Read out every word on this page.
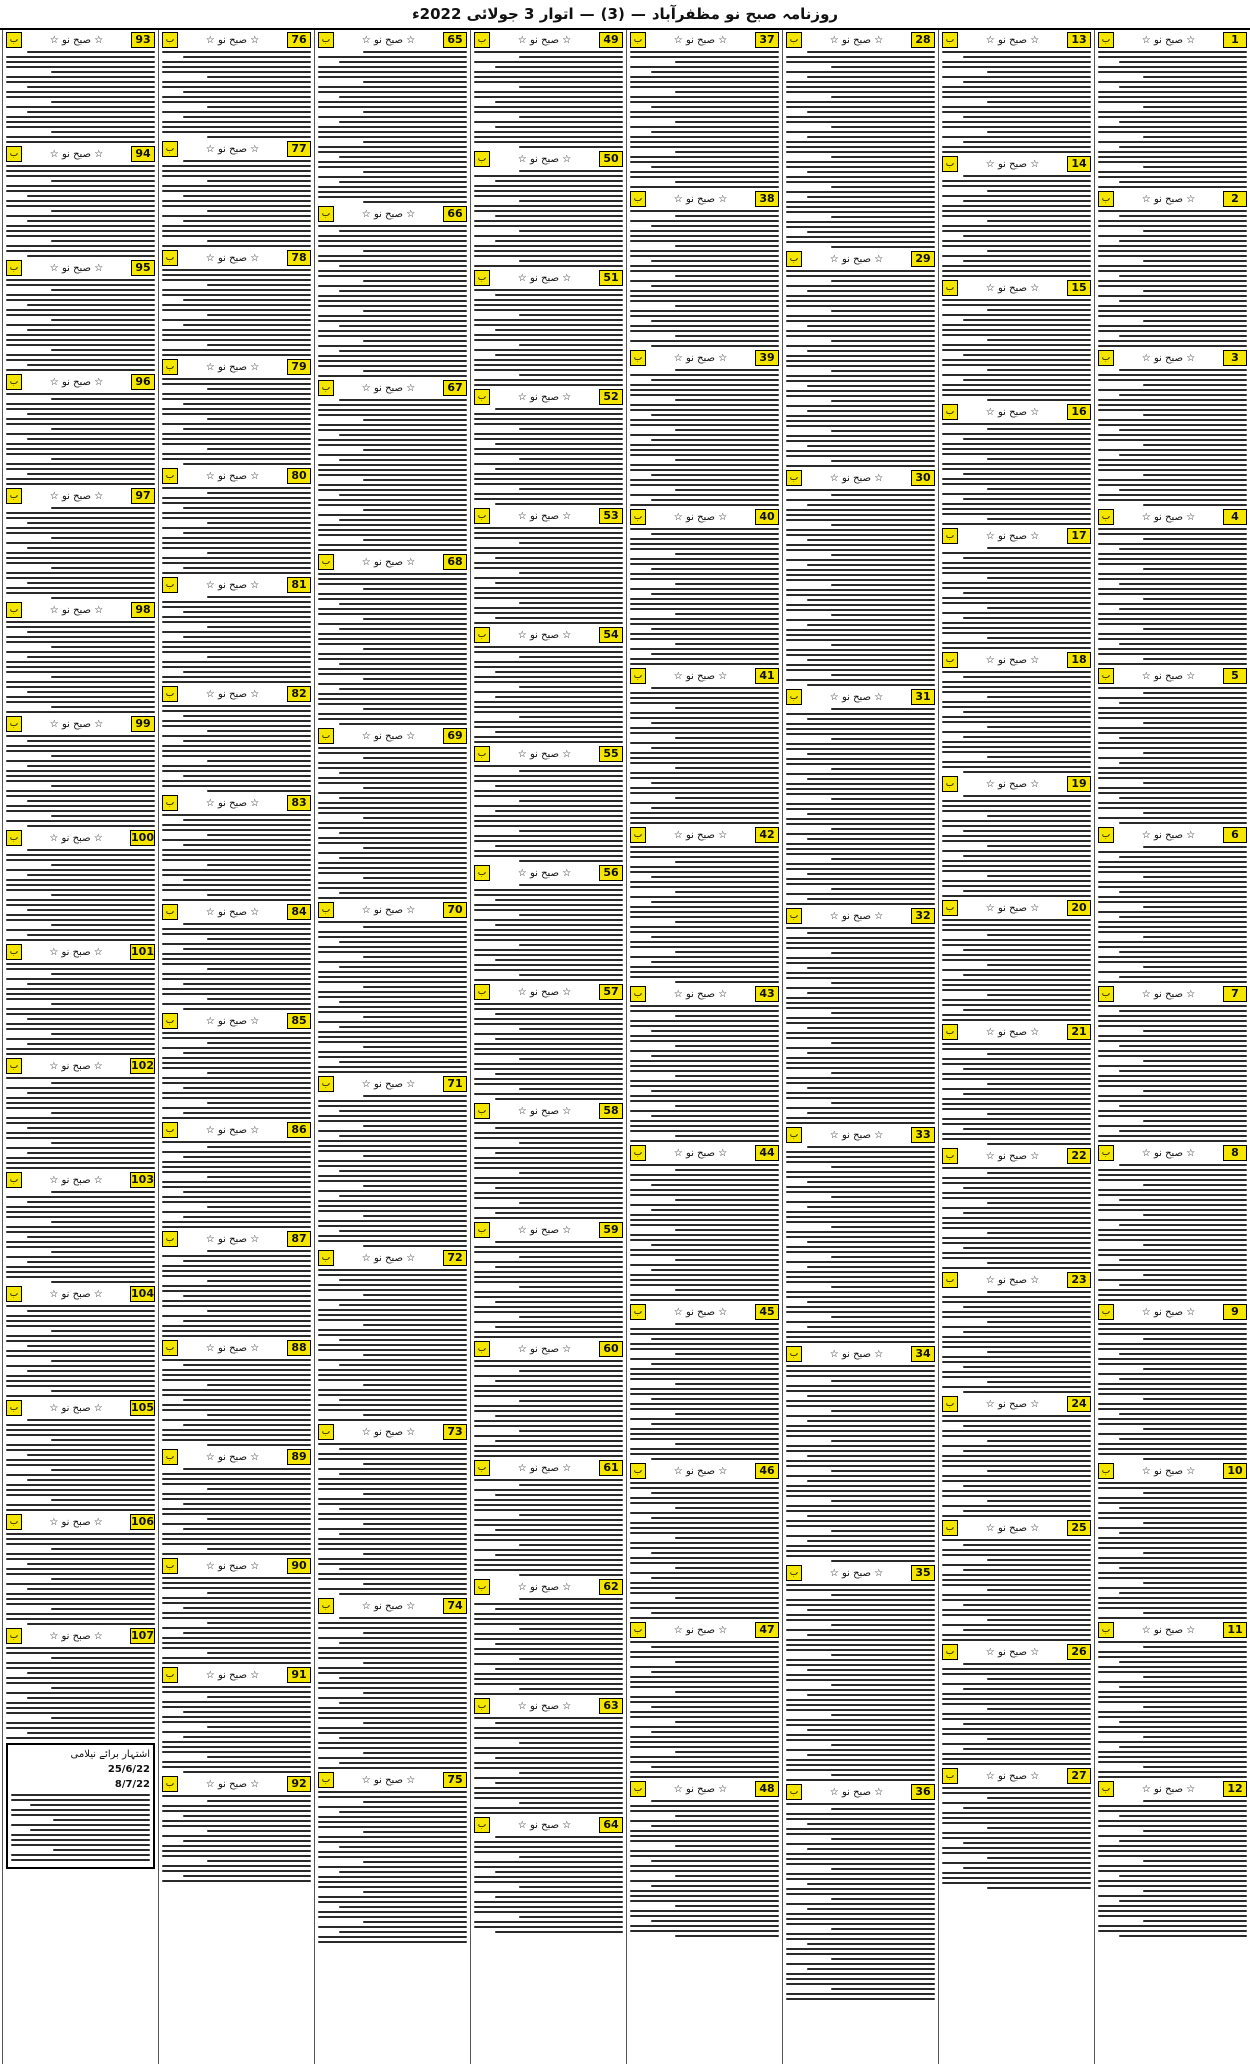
روزنامہ صبح نو مظفرآباد
—
(3)
—
اتوار 3 جولائی 2022ء
ب	☆ صبح نو ☆	1
ب	☆ صبح نو ☆	2
ب	☆ صبح نو ☆	3
ب	☆ صبح نو ☆	4
ب	☆ صبح نو ☆	5
ب	☆ صبح نو ☆	6
ب	☆ صبح نو ☆	7
ب	☆ صبح نو ☆	8
ب	☆ صبح نو ☆	9
ب	☆ صبح نو ☆	10
ب	☆ صبح نو ☆	11
ب	☆ صبح نو ☆	12
ب	☆ صبح نو ☆	13
ب	☆ صبح نو ☆	14
ب	☆ صبح نو ☆	15
ب	☆ صبح نو ☆	16
ب	☆ صبح نو ☆	17
ب	☆ صبح نو ☆	18
ب	☆ صبح نو ☆	19
ب	☆ صبح نو ☆	20
ب	☆ صبح نو ☆	21
ب	☆ صبح نو ☆	22
ب	☆ صبح نو ☆	23
ب	☆ صبح نو ☆	24
ب	☆ صبح نو ☆	25
ب	☆ صبح نو ☆	26
ب	☆ صبح نو ☆	27
ب	☆ صبح نو ☆	28
ب	☆ صبح نو ☆	29
ب	☆ صبح نو ☆	30
ب	☆ صبح نو ☆	31
ب	☆ صبح نو ☆	32
ب	☆ صبح نو ☆	33
ب	☆ صبح نو ☆	34
ب	☆ صبح نو ☆	35
ب	☆ صبح نو ☆	36
ب	☆ صبح نو ☆	37
ب	☆ صبح نو ☆	38
ب	☆ صبح نو ☆	39
ب	☆ صبح نو ☆	40
ب	☆ صبح نو ☆	41
ب	☆ صبح نو ☆	42
ب	☆ صبح نو ☆	43
ب	☆ صبح نو ☆	44
ب	☆ صبح نو ☆	45
ب	☆ صبح نو ☆	46
ب	☆ صبح نو ☆	47
ب	☆ صبح نو ☆	48
ب	☆ صبح نو ☆	49
ب	☆ صبح نو ☆	50
ب	☆ صبح نو ☆	51
ب	☆ صبح نو ☆	52
ب	☆ صبح نو ☆	53
ب	☆ صبح نو ☆	54
ب	☆ صبح نو ☆	55
ب	☆ صبح نو ☆	56
ب	☆ صبح نو ☆	57
ب	☆ صبح نو ☆	58
ب	☆ صبح نو ☆	59
ب	☆ صبح نو ☆	60
ب	☆ صبح نو ☆	61
ب	☆ صبح نو ☆	62
ب	☆ صبح نو ☆	63
ب	☆ صبح نو ☆	64
ب	☆ صبح نو ☆	65
ب	☆ صبح نو ☆	66
ب	☆ صبح نو ☆	67
ب	☆ صبح نو ☆	68
ب	☆ صبح نو ☆	69
ب	☆ صبح نو ☆	70
ب	☆ صبح نو ☆	71
ب	☆ صبح نو ☆	72
ب	☆ صبح نو ☆	73
ب	☆ صبح نو ☆	74
ب	☆ صبح نو ☆	75
ب	☆ صبح نو ☆	76
ب	☆ صبح نو ☆	77
ب	☆ صبح نو ☆	78
ب	☆ صبح نو ☆	79
ب	☆ صبح نو ☆	80
ب	☆ صبح نو ☆	81
ب	☆ صبح نو ☆	82
ب	☆ صبح نو ☆	83
ب	☆ صبح نو ☆	84
ب	☆ صبح نو ☆	85
ب	☆ صبح نو ☆	86
ب	☆ صبح نو ☆	87
ب	☆ صبح نو ☆	88
ب	☆ صبح نو ☆	89
ب	☆ صبح نو ☆	90
ب	☆ صبح نو ☆	91
ب	☆ صبح نو ☆	92
ب	☆ صبح نو ☆	93
ب	☆ صبح نو ☆	94
ب	☆ صبح نو ☆	95
ب	☆ صبح نو ☆	96
ب	☆ صبح نو ☆	97
ب	☆ صبح نو ☆	98
ب	☆ صبح نو ☆	99
ب	☆ صبح نو ☆	100
ب	☆ صبح نو ☆	101
ب	☆ صبح نو ☆	102
ب	☆ صبح نو ☆	103
ب	☆ صبح نو ☆	104
ب	☆ صبح نو ☆	105
ب	☆ صبح نو ☆	106
ب	☆ صبح نو ☆	107
اشتہار برائے نیلامی
25/6/22
8/7/22
